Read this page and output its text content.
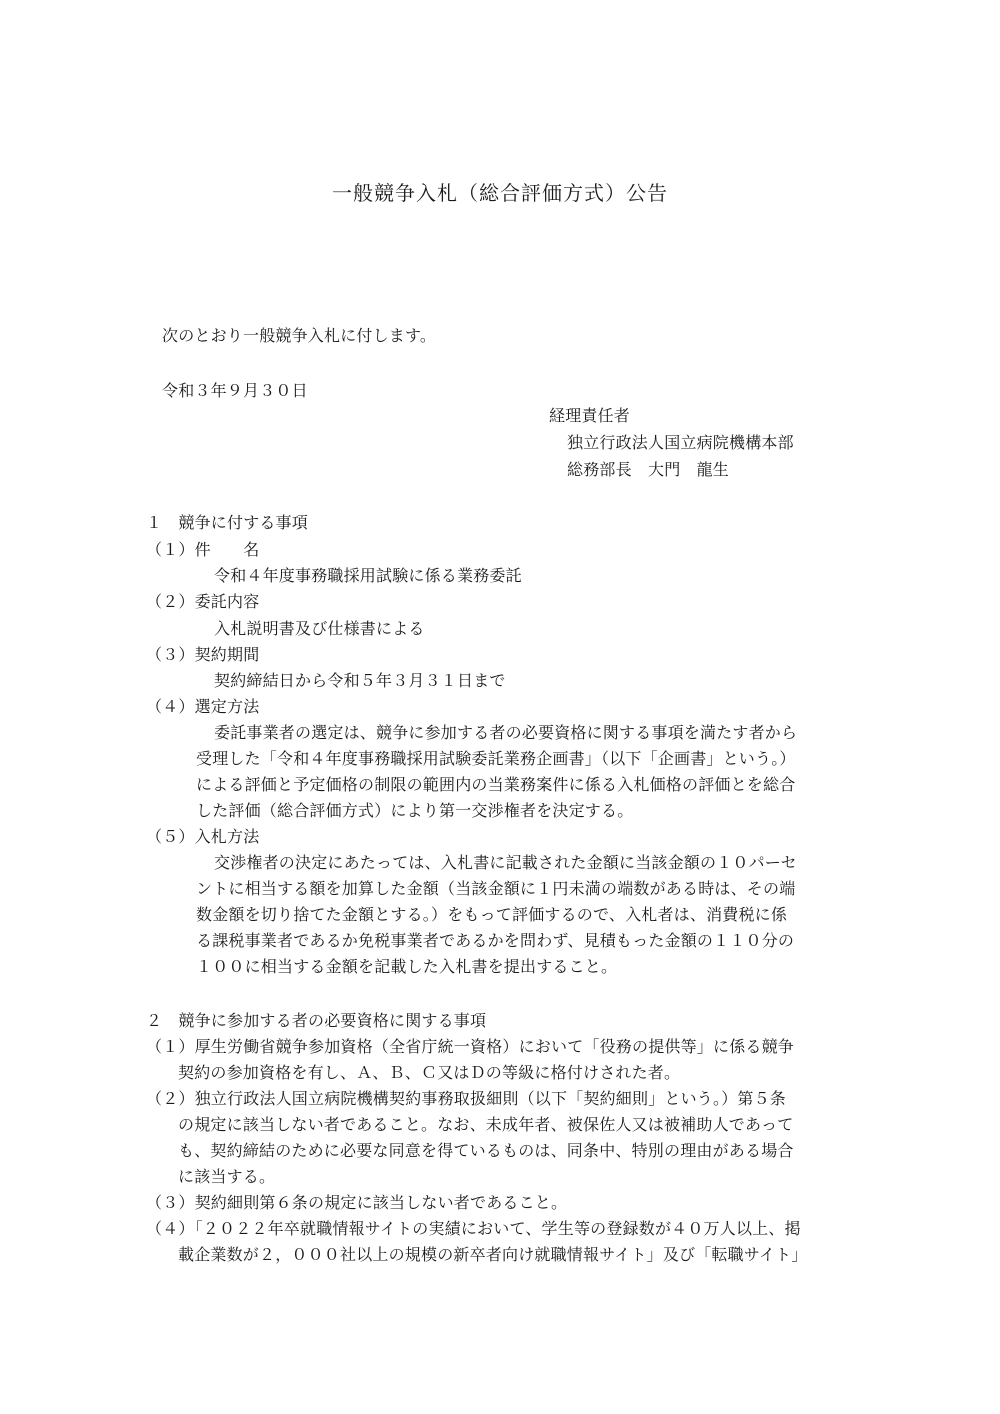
一般競争入札（総合評価方式）公告
次のとおり一般競争入札に付します。
令和３年９月３０日
経理責任者
独立行政法人国立病院機構本部
総務部長　大門　龍生
１　競争に付する事項
（１）件　　名
令和４年度事務職採用試験に係る業務委託
（２）委託内容
入札説明書及び仕様書による
（３）契約期間
契約締結日から令和５年３月３１日まで
（４）選定方法
委託事業者の選定は、競争に参加する者の必要資格に関する事項を満たす者から
受理した「令和４年度事務職採用試験委託業務企画書」（以下「企画書」という。）
による評価と予定価格の制限の範囲内の当業務案件に係る入札価格の評価とを総合
した評価（総合評価方式）により第一交渉権者を決定する。
（５）入札方法
交渉権者の決定にあたっては、入札書に記載された金額に当該金額の１０パーセ
ントに相当する額を加算した金額（当該金額に１円未満の端数がある時は、その端
数金額を切り捨てた金額とする。）をもって評価するので、入札者は、消費税に係
る課税事業者であるか免税事業者であるかを問わず、見積もった金額の１１０分の
１００に相当する金額を記載した入札書を提出すること。
２　競争に参加する者の必要資格に関する事項
（１）厚生労働省競争参加資格（全省庁統一資格）において「役務の提供等」に係る競争
契約の参加資格を有し、Ａ、Ｂ、Ｃ又はＤの等級に格付けされた者。
（２）独立行政法人国立病院機構契約事務取扱細則（以下「契約細則」という。）第５条
の規定に該当しない者であること。なお、未成年者、被保佐人又は被補助人であって
も、契約締結のために必要な同意を得ているものは、同条中、特別の理由がある場合
に該当する。
（３）契約細則第６条の規定に該当しない者であること。
（４）「２０２２年卒就職情報サイトの実績において、学生等の登録数が４０万人以上、掲
載企業数が２，０００社以上の規模の新卒者向け就職情報サイト」及び「転職サイト」
